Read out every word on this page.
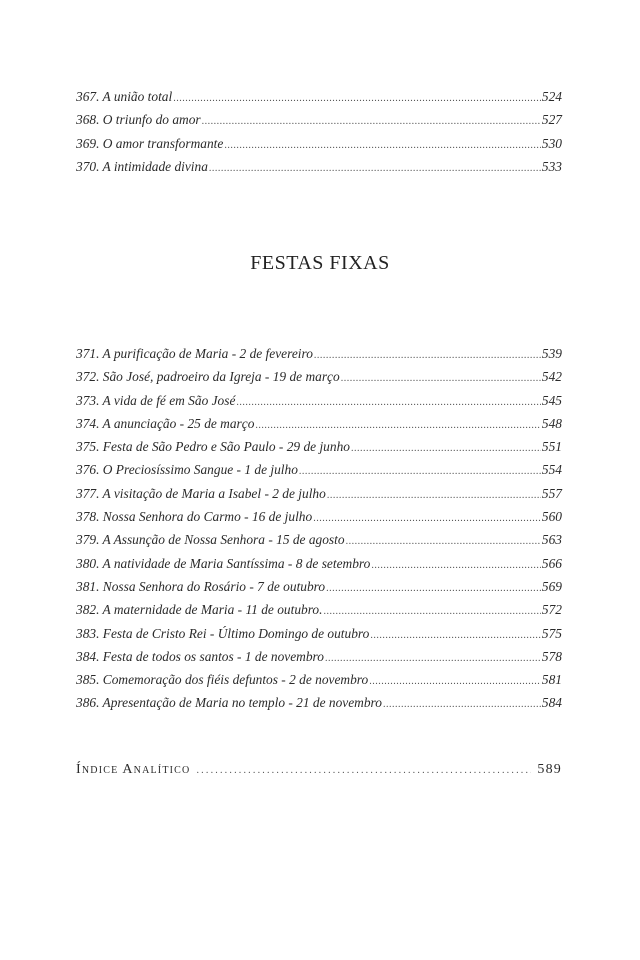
367. A união total .....	524
368. O triunfo do amor .....	527
369. O amor transformante .....	530
370. A intimidade divina .....	533
FESTAS FIXAS
371. A purificação de Maria - 2 de fevereiro .....	539
372. São José, padroeiro da Igreja - 19 de março .....	542
373. A vida de fé em São José .....	545
374. A anunciação - 25 de março .....	548
375. Festa de São Pedro e São Paulo - 29 de junho .....	551
376. O Preciosíssimo Sangue - 1 de julho .....	554
377. A visitação de Maria a Isabel - 2 de julho .....	557
378. Nossa Senhora do Carmo - 16 de julho .....	560
379. A Assunção de Nossa Senhora - 15 de agosto .....	563
380. A natividade de Maria Santíssima - 8 de setembro .....	566
381. Nossa Senhora do Rosário - 7 de outubro .....	569
382. A maternidade de Maria - 11 de outubro. .....	572
383. Festa de Cristo Rei - Último Domingo de outubro .....	575
384. Festa de todos os santos - 1 de novembro .....	578
385. Comemoração dos fiéis defuntos - 2 de novembro .....	581
386. Apresentação de Maria no templo - 21 de novembro .....	584
Índice Analítico .....	589
